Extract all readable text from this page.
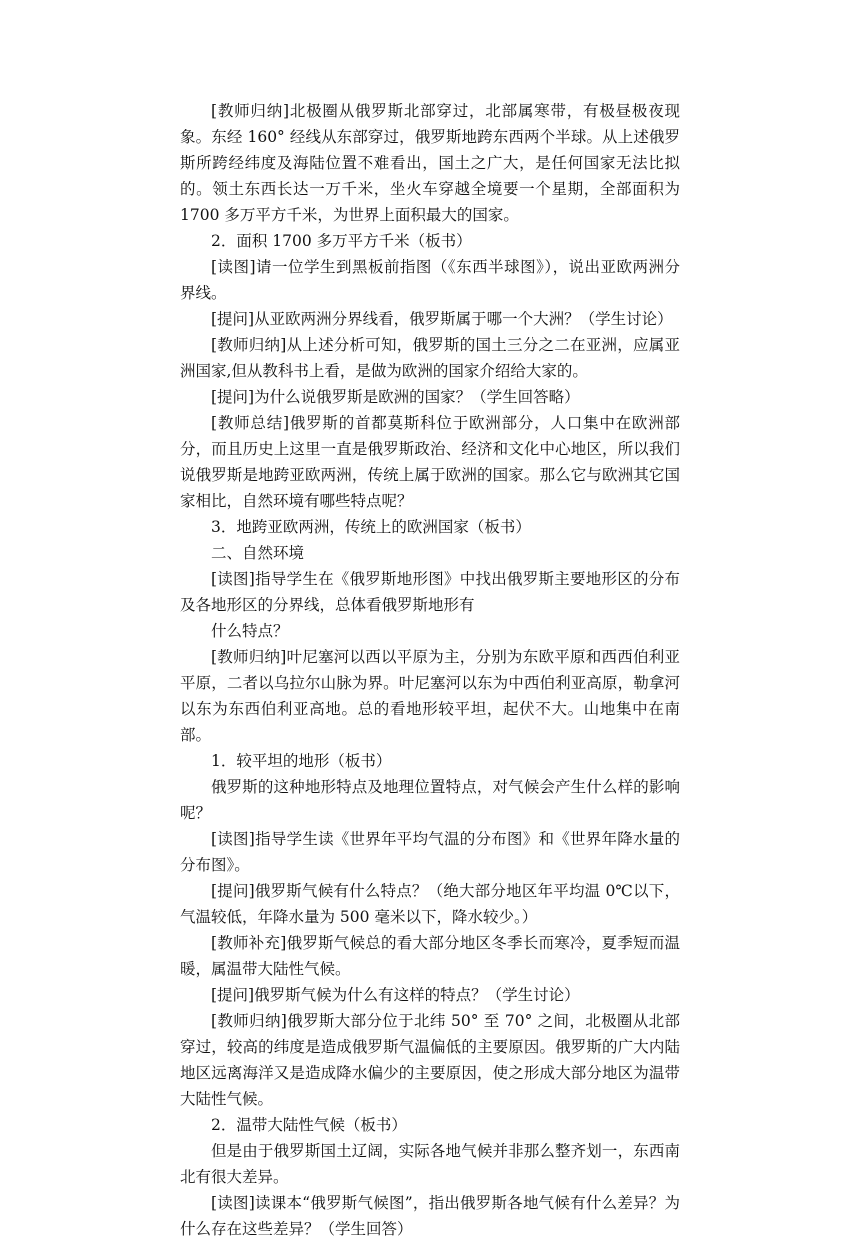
[教师归纳]北极圈从俄罗斯北部穿过，北部属寒带，有极昼极夜现象。东经 160° 经线从东部穿过，俄罗斯地跨东西两个半球。从上述俄罗斯所跨经纬度及海陆位置不难看出，国土之广大，是任何国家无法比拟的。领土东西长达一万千米，坐火车穿越全境要一个星期，全部面积为 1700 多万平方千米，为世界上面积最大的国家。

2．面积 1700 多万平方千米（板书）

[读图]请一位学生到黑板前指图（《东西半球图》），说出亚欧两洲分界线。

[提问]从亚欧两洲分界线看，俄罗斯属于哪一个大洲？（学生讨论）

[教师归纳]从上述分析可知，俄罗斯的国土三分之二在亚洲，应属亚洲国家,但从教科书上看，是做为欧洲的国家介绍给大家的。

[提问]为什么说俄罗斯是欧洲的国家？（学生回答略）

[教师总结]俄罗斯的首都莫斯科位于欧洲部分，人口集中在欧洲部分，而且历史上这里一直是俄罗斯政治、经济和文化中心地区，所以我们说俄罗斯是地跨亚欧两洲，传统上属于欧洲的国家。那么它与欧洲其它国家相比，自然环境有哪些特点呢？

3．地跨亚欧两洲，传统上的欧洲国家（板书）

二、自然环境

[读图]指导学生在《俄罗斯地形图》中找出俄罗斯主要地形区的分布及各地形区的分界线，总体看俄罗斯地形有

什么特点？

[教师归纳]叶尼塞河以西以平原为主，分别为东欧平原和西西伯利亚平原，二者以乌拉尔山脉为界。叶尼塞河以东为中西伯利亚高原，勒拿河以东为东西伯利亚高地。总的看地形较平坦，起伏不大。山地集中在南部。

1．较平坦的地形（板书）

俄罗斯的这种地形特点及地理位置特点，对气候会产生什么样的影响呢？

[读图]指导学生读《世界年平均气温的分布图》和《世界年降水量的分布图》。

[提问]俄罗斯气候有什么特点？（绝大部分地区年平均温 0℃以下，气温较低，年降水量为 500 毫米以下，降水较少。）

[教师补充]俄罗斯气候总的看大部分地区冬季长而寒冷，夏季短而温暖，属温带大陆性气候。

[提问]俄罗斯气候为什么有这样的特点？（学生讨论）

[教师归纳]俄罗斯大部分位于北纬 50° 至 70° 之间，北极圈从北部穿过，较高的纬度是造成俄罗斯气温偏低的主要原因。俄罗斯的广大内陆地区远离海洋又是造成降水偏少的主要原因，使之形成大部分地区为温带大陆性气候。

2．温带大陆性气候（板书）

但是由于俄罗斯国土辽阔，实际各地气候并非那么整齐划一，东西南北有很大差异。

[读图]读课本“俄罗斯气候图”，指出俄罗斯各地气候有什么差异？为什么存在这些差异？（学生回答）
